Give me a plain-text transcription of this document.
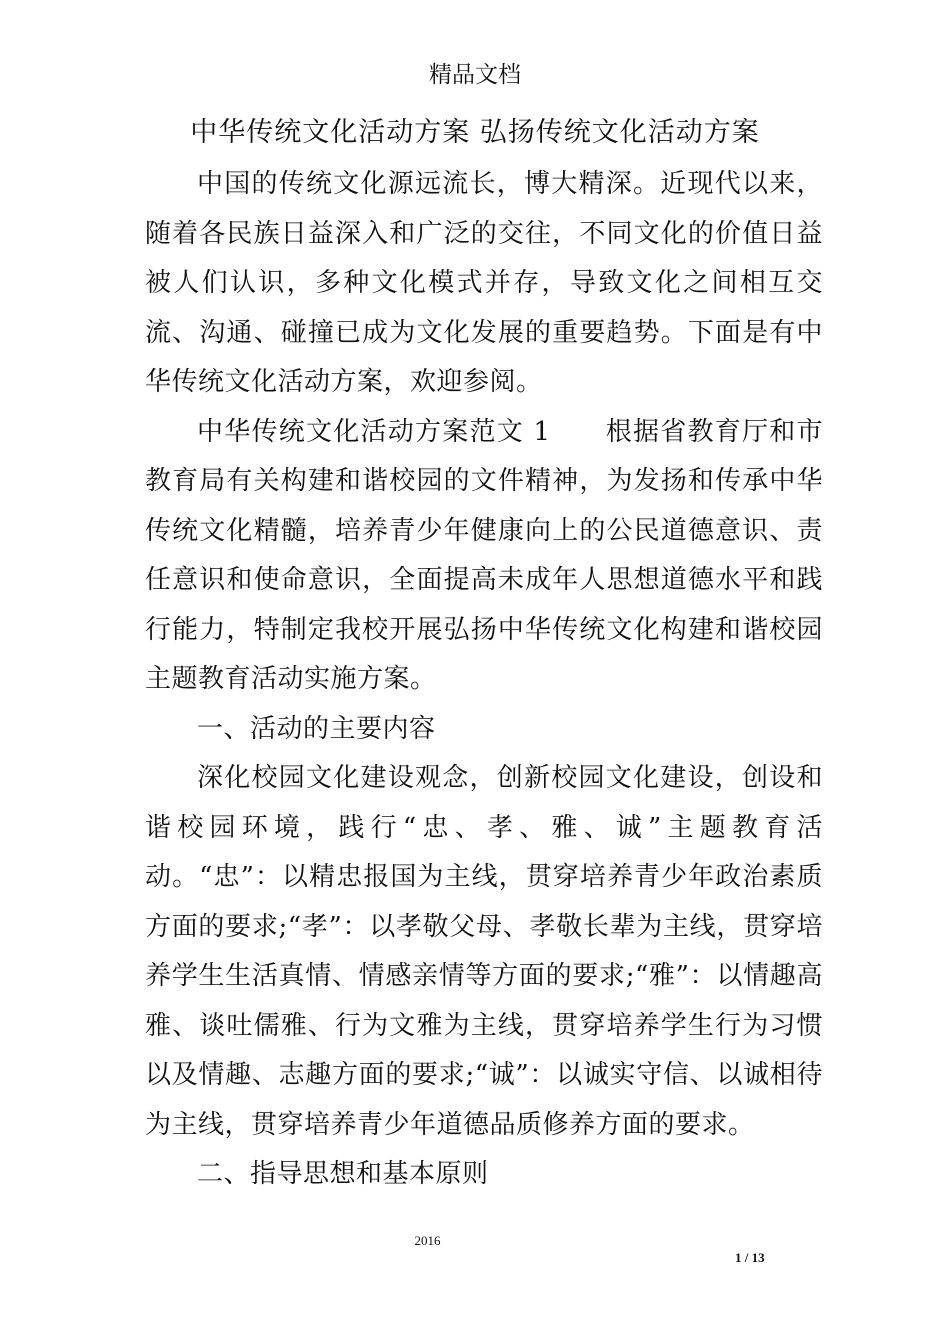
精品文档
中华传统文化活动方案 弘扬传统文化活动方案

中国的传统文化源远流长，博大精深。近现代以来，随着各民族日益深入和广泛的交往，不同文化的价值日益被人们认识，多种文化模式并存，导致文化之间相互交流、沟通、碰撞已成为文化发展的重要趋势。下面是有中华传统文化活动方案，欢迎参阅。

中华传统文化活动方案范文 1　　根据省教育厅和市教育局有关构建和谐校园的文件精神，为发扬和传承中华传统文化精髓，培养青少年健康向上的公民道德意识、责任意识和使命意识，全面提高未成年人思想道德水平和践行能力，特制定我校开展弘扬中华传统文化构建和谐校园主题教育活动实施方案。

一、活动的主要内容

深化校园文化建设观念，创新校园文化建设，创设和谐校园环境，践行“忠、孝、雅、诚”主题教育活动。“忠”：以精忠报国为主线，贯穿培养青少年政治素质方面的要求;“孝”：以孝敬父母、孝敬长辈为主线，贯穿培养学生生活真情、情感亲情等方面的要求;“雅”：以情趣高雅、谈吐儒雅、行为文雅为主线，贯穿培养学生行为习惯以及情趣、志趣方面的要求;“诚”：以诚实守信、以诚相待为主线，贯穿培养青少年道德品质修养方面的要求。

二、指导思想和基本原则

2016
1 / 13
